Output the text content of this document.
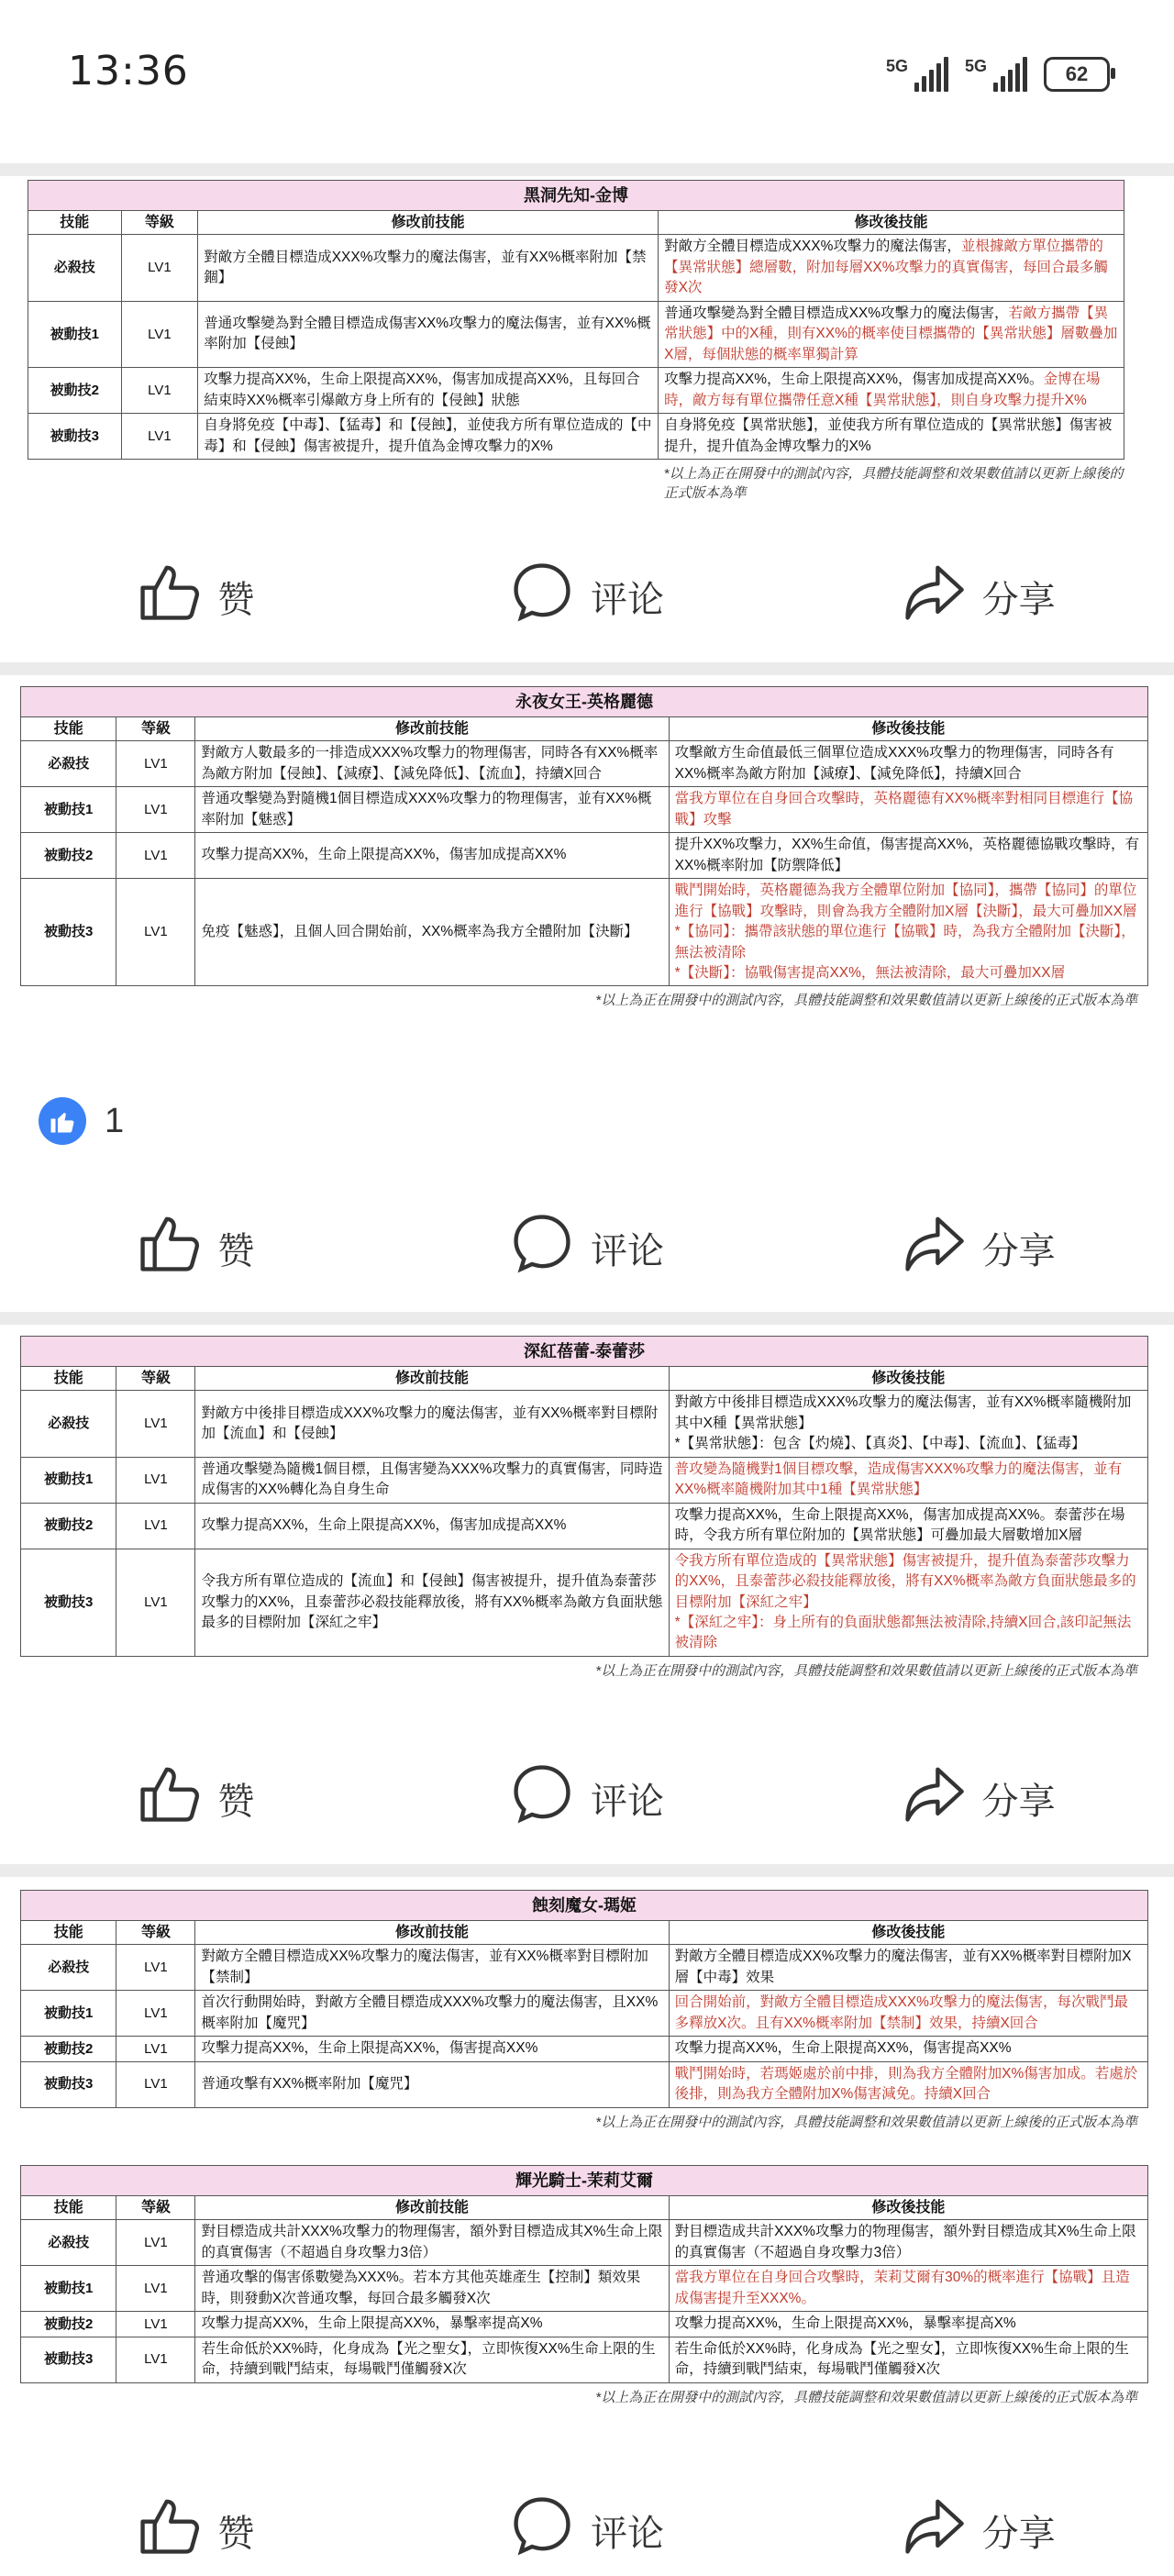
13:36	5G	5G	62
黑洞先知-金博			
技能	等級	修改前技能	修改後技能
必殺技	LV1	對敵方全體目標造成XXX%攻擊力的魔法傷害，並有XX%概率附加【禁錮】	對敵方全體目標造成XXX%攻擊力的魔法傷害，並根據敵方單位攜帶的【異常狀態】總層數，附加每層XX%攻擊力的真實傷害，每回合最多觸發X次
被動技1	LV1	普通攻擊變為對全體目標造成傷害XX%攻擊力的魔法傷害，並有XX%概率附加【侵蝕】	普通攻擊變為對全體目標造成XX%攻擊力的魔法傷害，若敵方攜帶【異常狀態】中的X種，則有XX%的概率使目標攜帶的【異常狀態】層數疊加X層，每個狀態的概率單獨計算
被動技2	LV1	攻擊力提高XX%，生命上限提高XX%，傷害加成提高XX%，且每回合結束時XX%概率引爆敵方身上所有的【侵蝕】狀態	攻擊力提高XX%，生命上限提高XX%，傷害加成提高XX%。金博在場時，敵方每有單位攜帶任意X種【異常狀態】，則自身攻擊力提升X%
被動技3	LV1	自身將免疫【中毒】、【猛毒】和【侵蝕】，並使我方所有單位造成的【中毒】和【侵蝕】傷害被提升，提升值為金博攻擊力的X%	自身將免疫【異常狀態】，並使我方所有單位造成的【異常狀態】傷害被提升，提升值為金博攻擊力的X%
*以上為正在開發中的測試內容，具體技能調整和效果數值請以更新上線後的正式版本為準
永夜女王-英格麗德			
技能	等級	修改前技能	修改後技能
必殺技	LV1	對敵方人數最多的一排造成XXX%攻擊力的物理傷害，同時各有XX%概率為敵方附加【侵蝕】、【減療】、【減免降低】、【流血】，持續X回合	攻擊敵方生命值最低三個單位造成XXX%攻擊力的物理傷害，同時各有XX%概率為敵方附加【減療】、【減免降低】，持續X回合
被動技1	LV1	普通攻擊變為對隨機1個目標造成XXX%攻擊力的物理傷害，並有XX%概率附加【魅惑】	當我方單位在自身回合攻擊時，英格麗德有XX%概率對相同目標進行【協戰】攻擊
被動技2	LV1	攻擊力提高XX%，生命上限提高XX%，傷害加成提高XX%	提升XX%攻擊力，XX%生命值，傷害提高XX%，英格麗德協戰攻擊時，有XX%概率附加【防禦降低】
被動技3	LV1	免疫【魅惑】，且個人回合開始前，XX%概率為我方全體附加【決斷】	戰鬥開始時，英格麗德為我方全體單位附加【協同】，攜帶【協同】的單位進行【協戰】攻擊時，則會為我方全體附加X層【決斷】，最大可疊加XX層
*【協同】：攜帶該狀態的單位進行【協戰】時，為我方全體附加【決斷】，無法被清除
*【決斷】：協戰傷害提高XX%，無法被清除，最大可疊加XX層
*以上為正在開發中的測試內容，具體技能調整和效果數值請以更新上線後的正式版本為準
深紅蓓蕾-泰蕾莎			
技能	等級	修改前技能	修改後技能
必殺技	LV1	對敵方中後排目標造成XXX%攻擊力的魔法傷害，並有XX%概率對目標附加【流血】和【侵蝕】	對敵方中後排目標造成XXX%攻擊力的魔法傷害，並有XX%概率隨機附加其中X種【異常狀態】
*【異常狀態】：包含【灼燒】、【真炎】、【中毒】、【流血】、【猛毒】
被動技1	LV1	普通攻擊變為隨機1個目標，且傷害變為XXX%攻擊力的真實傷害，同時造成傷害的XX%轉化為自身生命	普攻變為隨機對1個目標攻擊，造成傷害XXX%攻擊力的魔法傷害，並有XX%概率隨機附加其中1種【異常狀態】
被動技2	LV1	攻擊力提高XX%，生命上限提高XX%，傷害加成提高XX%	攻擊力提高XX%，生命上限提高XX%，傷害加成提高XX%。泰蕾莎在場時，令我方所有單位附加的【異常狀態】可疊加最大層數增加X層
被動技3	LV1	令我方所有單位造成的【流血】和【侵蝕】傷害被提升，提升值為泰蕾莎攻擊力的XX%，且泰蕾莎必殺技能釋放後，將有XX%概率為敵方負面狀態最多的目標附加【深紅之牢】	令我方所有單位造成的【異常狀態】傷害被提升，提升值為泰蕾莎攻擊力的XX%，且泰蕾莎必殺技能釋放後，將有XX%概率為敵方負面狀態最多的目標附加【深紅之牢】
*【深紅之牢】：身上所有的負面狀態都無法被清除,持續X回合,該印記無法被清除
*以上為正在開發中的測試內容，具體技能調整和效果數值請以更新上線後的正式版本為準
蝕刻魔女-瑪姬			
技能	等級	修改前技能	修改後技能
必殺技	LV1	對敵方全體目標造成XX%攻擊力的魔法傷害，並有XX%概率對目標附加【禁制】	對敵方全體目標造成XX%攻擊力的魔法傷害，並有XX%概率對目標附加X層【中毒】效果
被動技1	LV1	首次行動開始時，對敵方全體目標造成XXX%攻擊力的魔法傷害，且XX%概率附加【魔咒】	回合開始前，對敵方全體目標造成XXX%攻擊力的魔法傷害，每次戰鬥最多釋放X次。且有XX%概率附加【禁制】效果，持續X回合
被動技2	LV1	攻擊力提高XX%，生命上限提高XX%，傷害提高XX%	攻擊力提高XX%，生命上限提高XX%，傷害提高XX%
被動技3	LV1	普通攻擊有XX%概率附加【魔咒】	戰鬥開始時，若瑪姬處於前中排，則為我方全體附加X%傷害加成。若處於後排，則為我方全體附加X%傷害減免。持續X回合
*以上為正在開發中的測試內容，具體技能調整和效果數值請以更新上線後的正式版本為準
輝光騎士-茉莉艾爾			
技能	等級	修改前技能	修改後技能
必殺技	LV1	對目標造成共計XXX%攻擊力的物理傷害，額外對目標造成其X%生命上限的真實傷害（不超過自身攻擊力3倍）	對目標造成共計XXX%攻擊力的物理傷害，額外對目標造成其X%生命上限的真實傷害（不超過自身攻擊力3倍）
被動技1	LV1	普通攻擊的傷害係數變為XXX%。若本方其他英雄產生【控制】類效果時，則發動X次普通攻擊，每回合最多觸發X次	當我方單位在自身回合攻擊時，茉莉艾爾有30%的概率進行【協戰】且造成傷害提升至XXX%。
被動技2	LV1	攻擊力提高XX%，生命上限提高XX%，暴擊率提高X%	攻擊力提高XX%，生命上限提高XX%，暴擊率提高X%
被動技3	LV1	若生命低於XX%時，化身成為【光之聖女】，立即恢復XX%生命上限的生命，持續到戰鬥結束，每場戰鬥僅觸發X次	若生命低於XX%時，化身成為【光之聖女】，立即恢復XX%生命上限的生命，持續到戰鬥結束，每場戰鬥僅觸發X次
*以上為正在開發中的測試內容，具體技能調整和效果數值請以更新上線後的正式版本為準
1
赞	评论	分享
赞	评论	分享
赞	评论	分享
赞	评论	分享
